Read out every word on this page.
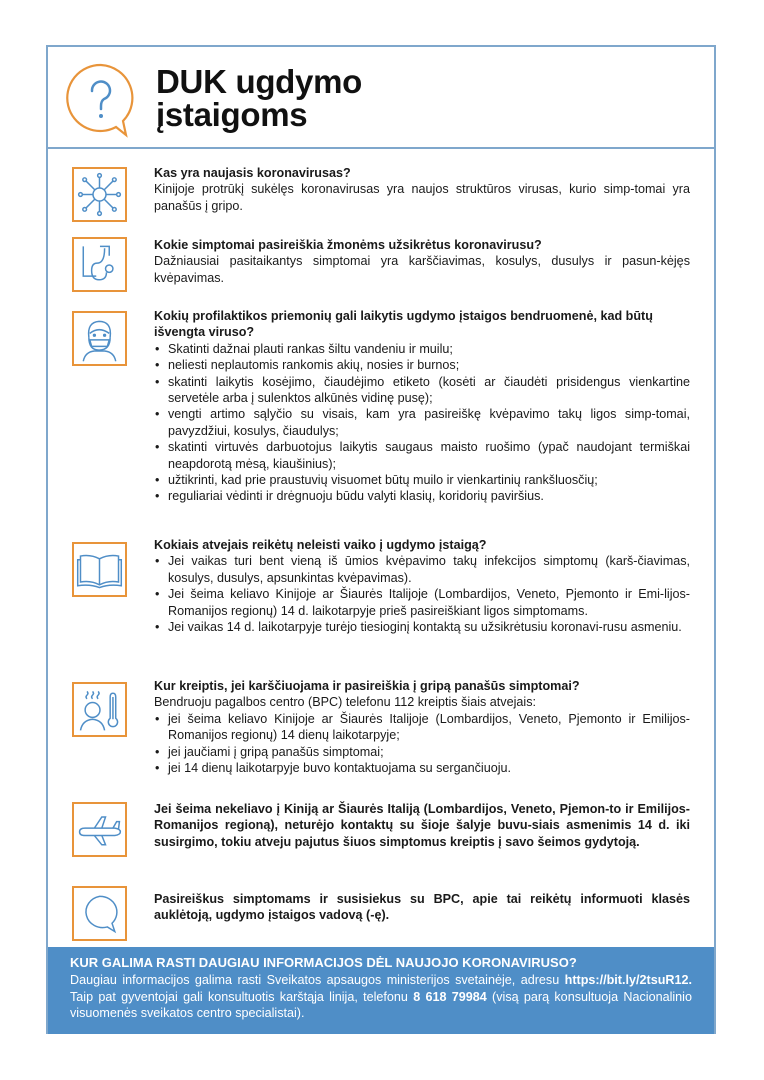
DUK ugdymo
įstaigoms
Kas yra naujasis koronavirusas?
Kinijoje protrūkį sukėlęs koronavirusas yra naujos struktūros virusas, kurio simp-tomai yra panašūs į gripo.
Kokie simptomai pasireiškia žmonėms užsikrėtus koronavirusu?
Dažniausiai pasitaikantys simptomai yra karščiavimas, kosulys, dusulys ir pasun-kėjęs kvėpavimas.
Kokių profilaktikos priemonių gali laikytis ugdymo įstaigos bendruomenė, kad būtų išvengta viruso?
• Skatinti dažnai plauti rankas šiltu vandeniu ir muilu;
• neliesti neplautomis rankomis akių, nosies ir burnos;
• skatinti laikytis kosėjimo, čiaudėjimo etiketo (kosėti ar čiaudėti prisidengus vienkartine servetėle arba į sulenktos alkūnės vidinę pusę);
• vengti artimo sąlyčio su visais, kam yra pasireiškę kvėpavimo takų ligos simp-tomai, pavyzdžiui, kosulys, čiaudulys;
• skatinti virtuvės darbuotojus laikytis saugaus maisto ruošimo (ypač naudojant termiškai neapdorotą mėsą, kiaušinius);
• užtikrinti, kad prie praustuvių visuomet būtų muilo ir vienkartinių rankšluosčių;
• reguliariai vėdinti ir drėgnuoju būdu valyti klasių, koridorių paviršius.
Kokiais atvejais reikėtų neleisti vaiko į ugdymo įstaigą?
• Jei vaikas turi bent vieną iš ūmios kvėpavimo takų infekcijos simptomų (karš-čiavimas, kosulys, dusulys, apsunkintas kvėpavimas).
• Jei šeima keliavo Kinijoje ar Šiaurės Italijoje (Lombardijos, Veneto, Pjemonto ir Emi-lijos-Romanijos regionų) 14 d. laikotarpyje prieš pasireiškiant ligos simptomams.
• Jei vaikas 14 d. laikotarpyje turėjo tiesioginį kontaktą su užsikrėtusiu koronavi-rusu asmeniu.
Kur kreiptis, jei karščiuojama ir pasireiškia į gripą panašūs simptomai?
Bendruoju pagalbos centro (BPC) telefonu 112 kreiptis šiais atvejais:
• jei šeima keliavo Kinijoje ar Šiaurės Italijoje (Lombardijos, Veneto, Pjemonto ir Emilijos-Romanijos regionų) 14 dienų laikotarpyje;
• jei jaučiami į gripą panašūs simptomai;
• jei 14 dienų laikotarpyje buvo kontaktuojama su sergančiuoju.
Jei šeima nekeliavo į Kiniją ar Šiaurės Italiją (Lombardijos, Veneto, Pjemon-to ir Emilijos-Romanijos regioną), neturėjo kontaktų su šioje šalyje buvu-siais asmenimis 14 d. iki susirgimo, tokiu atveju pajutus šiuos simptomus kreiptis į savo šeimos gydytoją.
Pasireiškus simptomams ir susisiekus su BPC, apie tai reikėtų informuoti klasės auklėtoją, ugdymo įstaigos vadovą (-ę).
KUR GALIMA RASTI DAUGIAU INFORMACIJOS DĖL NAUJOJO KORONAVIRUSO?
Daugiau informacijos galima rasti Sveikatos apsaugos ministerijos svetainėje, adresu https://bit.ly/2tsuR12. Taip pat gyventojai gali konsultuotis karštąja linija, telefonu 8 618 79984 (visą parą konsultuoja Nacionalinio visuomenės sveikatos centro specialistai).
